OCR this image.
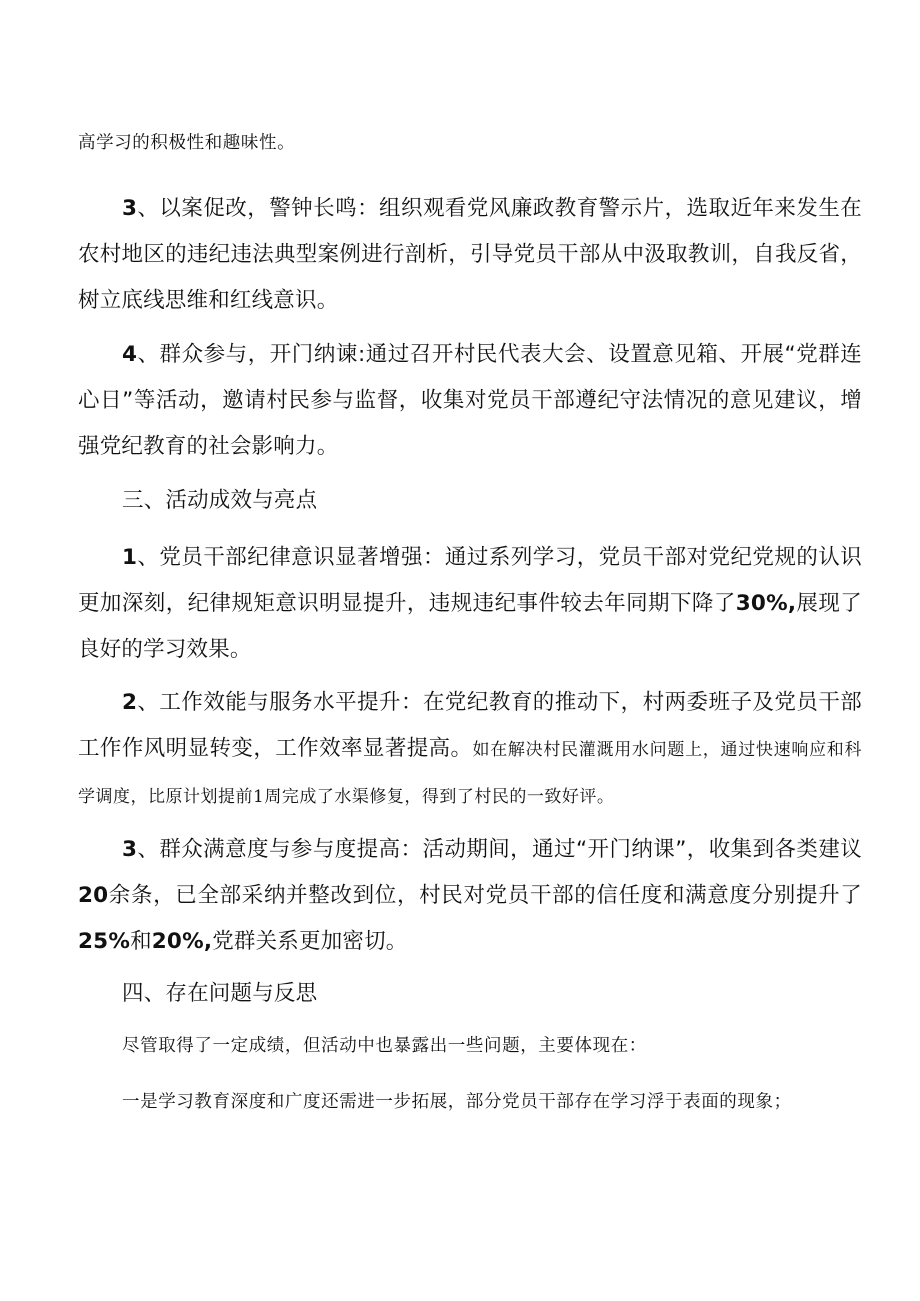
高学习的积极性和趣味性。

3、以案促改，警钟长鸣：组织观看党风廉政教育警示片，选取近年来发生在农村地区的违纪违法典型案例进行剖析，引导党员干部从中汲取教训，自我反省，树立底线思维和红线意识。

4、群众参与，开门纳谏:通过召开村民代表大会、设置意见箱、开展“党群连心日”等活动，邀请村民参与监督，收集对党员干部遵纪守法情况的意见建议，增强党纪教育的社会影响力。

三、活动成效与亮点

1、党员干部纪律意识显著增强：通过系列学习，党员干部对党纪党规的认识更加深刻，纪律规矩意识明显提升，违规违纪事件较去年同期下降了30%,展现了良好的学习效果。

2、工作效能与服务水平提升：在党纪教育的推动下，村两委班子及党员干部工作作风明显转变，工作效率显著提高。如在解决村民灌溉用水问题上，通过快速响应和科学调度，比原计划提前1周完成了水渠修复，得到了村民的一致好评。

3、群众满意度与参与度提高：活动期间，通过“开门纳课”，收集到各类建议20余条，已全部采纳并整改到位，村民对党员干部的信任度和满意度分别提升了25%和20%,党群关系更加密切。

四、存在问题与反思

尽管取得了一定成绩，但活动中也暴露出一些问题，主要体现在：

一是学习教育深度和广度还需进一步拓展，部分党员干部存在学习浮于表面的现象；
